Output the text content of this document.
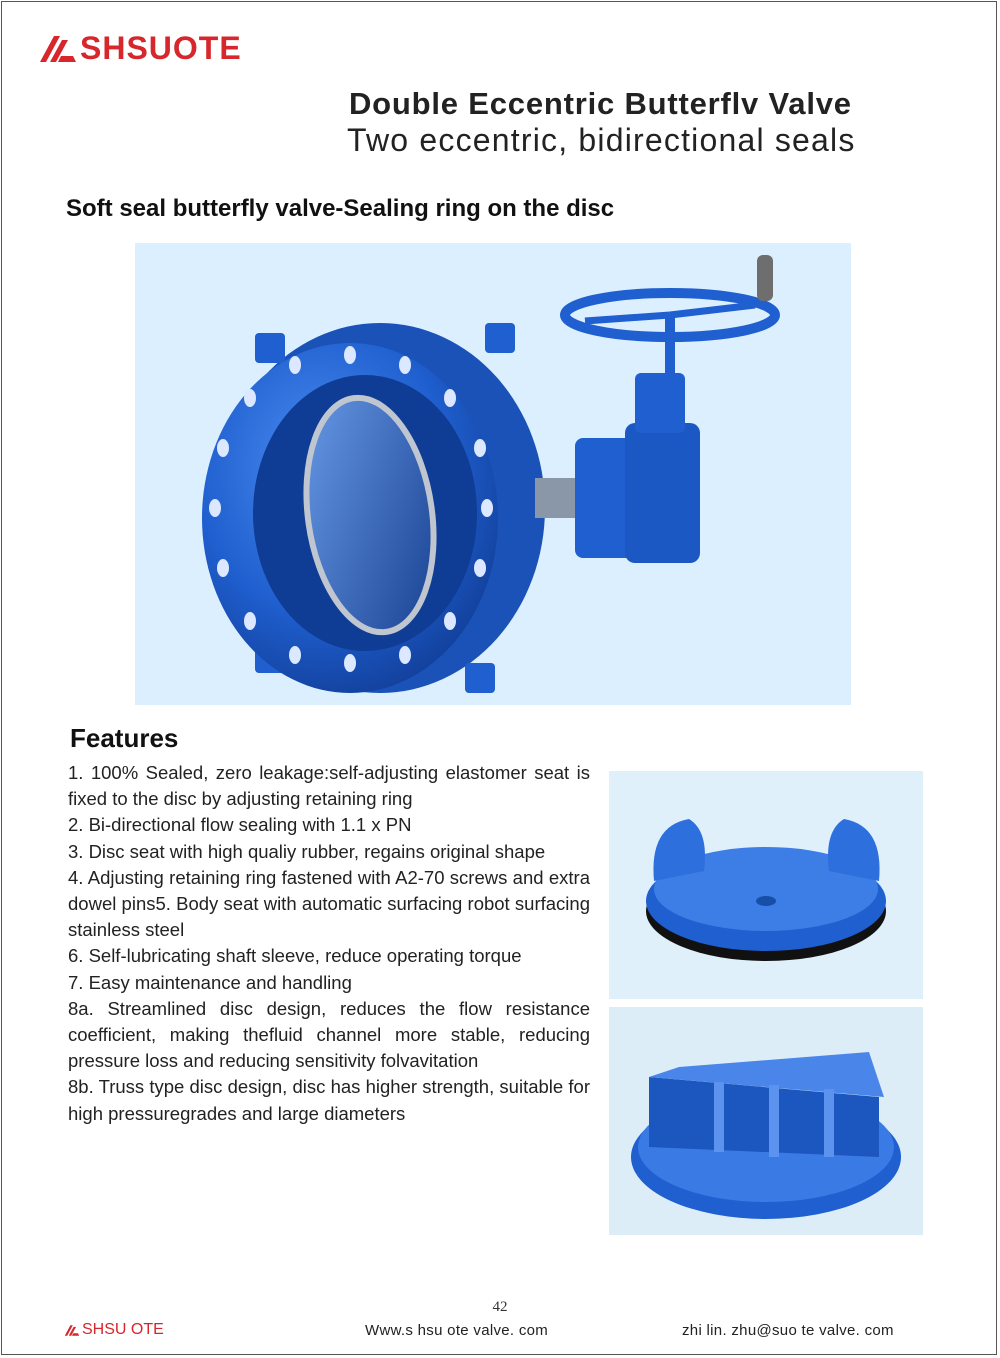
SHSUOTE
Double Eccentric Butterflv Valve
Two eccentric, bidirectional seals
Soft seal butterfly valve-Sealing ring on the disc
Features

1. 100% Sealed, zero leakage:self-adjusting elastomer seat is fixed to the disc by adjusting retaining ring

2. Bi-directional flow sealing with 1.1 x PN

3. Disc seat with high qualiy rubber, regains original shape

4. Adjusting retaining ring fastened with A2-70 screws and extra dowel pins5. Body seat with automatic surfacing robot surfacing stainless steel

6. Self-lubricating shaft sleeve, reduce operating torque

7. Easy maintenance and handling

8a. Streamlined disc design, reduces the flow resistance coefficient, making thefluid channel more stable, reducing pressure loss and reducing sensitivity folvavitation

8b. Truss type disc design, disc has higher strength, suitable for high pressuregrades and large diameters

42
SHSU OTE	Www.s hsu ote valve. com	zhi lin. zhu@suo te valve. com
